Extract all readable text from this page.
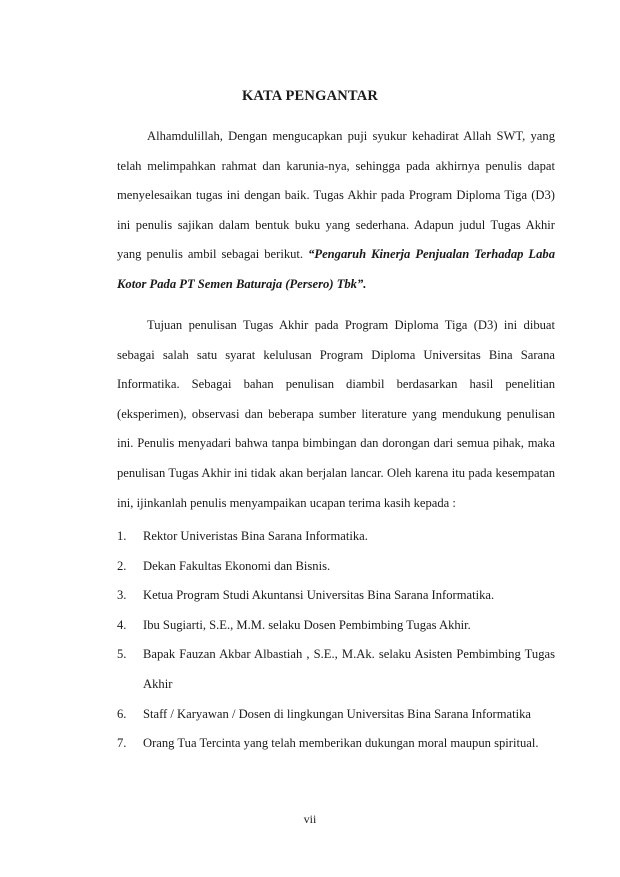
KATA PENGANTAR

Alhamdulillah, Dengan mengucapkan puji syukur kehadirat Allah SWT, yang telah melimpahkan rahmat dan karunia-nya, sehingga pada akhirnya penulis dapat menyelesaikan tugas ini dengan baik. Tugas Akhir pada Program Diploma Tiga (D3) ini penulis sajikan dalam bentuk buku yang sederhana. Adapun judul Tugas Akhir yang penulis ambil sebagai berikut. “Pengaruh Kinerja Penjualan Terhadap Laba Kotor Pada PT Semen Baturaja (Persero) Tbk”.

Tujuan penulisan Tugas Akhir pada Program Diploma Tiga (D3) ini dibuat sebagai salah satu syarat kelulusan Program Diploma Universitas Bina Sarana Informatika. Sebagai bahan penulisan diambil berdasarkan hasil penelitian (eksperimen), observasi dan beberapa sumber literature yang mendukung penulisan ini. Penulis menyadari bahwa tanpa bimbingan dan dorongan dari semua pihak, maka penulisan Tugas Akhir ini tidak akan berjalan lancar. Oleh karena itu pada kesempatan ini, ijinkanlah penulis menyampaikan ucapan terima kasih kepada :

1. Rektor Univeristas Bina Sarana Informatika.
2. Dekan Fakultas Ekonomi dan Bisnis.
3. Ketua Program Studi Akuntansi Universitas Bina Sarana Informatika.
4. Ibu Sugiarti, S.E., M.M. selaku Dosen Pembimbing Tugas Akhir.
5. Bapak Fauzan Akbar Albastiah , S.E., M.Ak. selaku Asisten Pembimbing Tugas Akhir
6. Staff / Karyawan / Dosen di lingkungan Universitas Bina Sarana Informatika
7. Orang Tua Tercinta yang telah memberikan dukungan moral maupun spiritual.

vii
